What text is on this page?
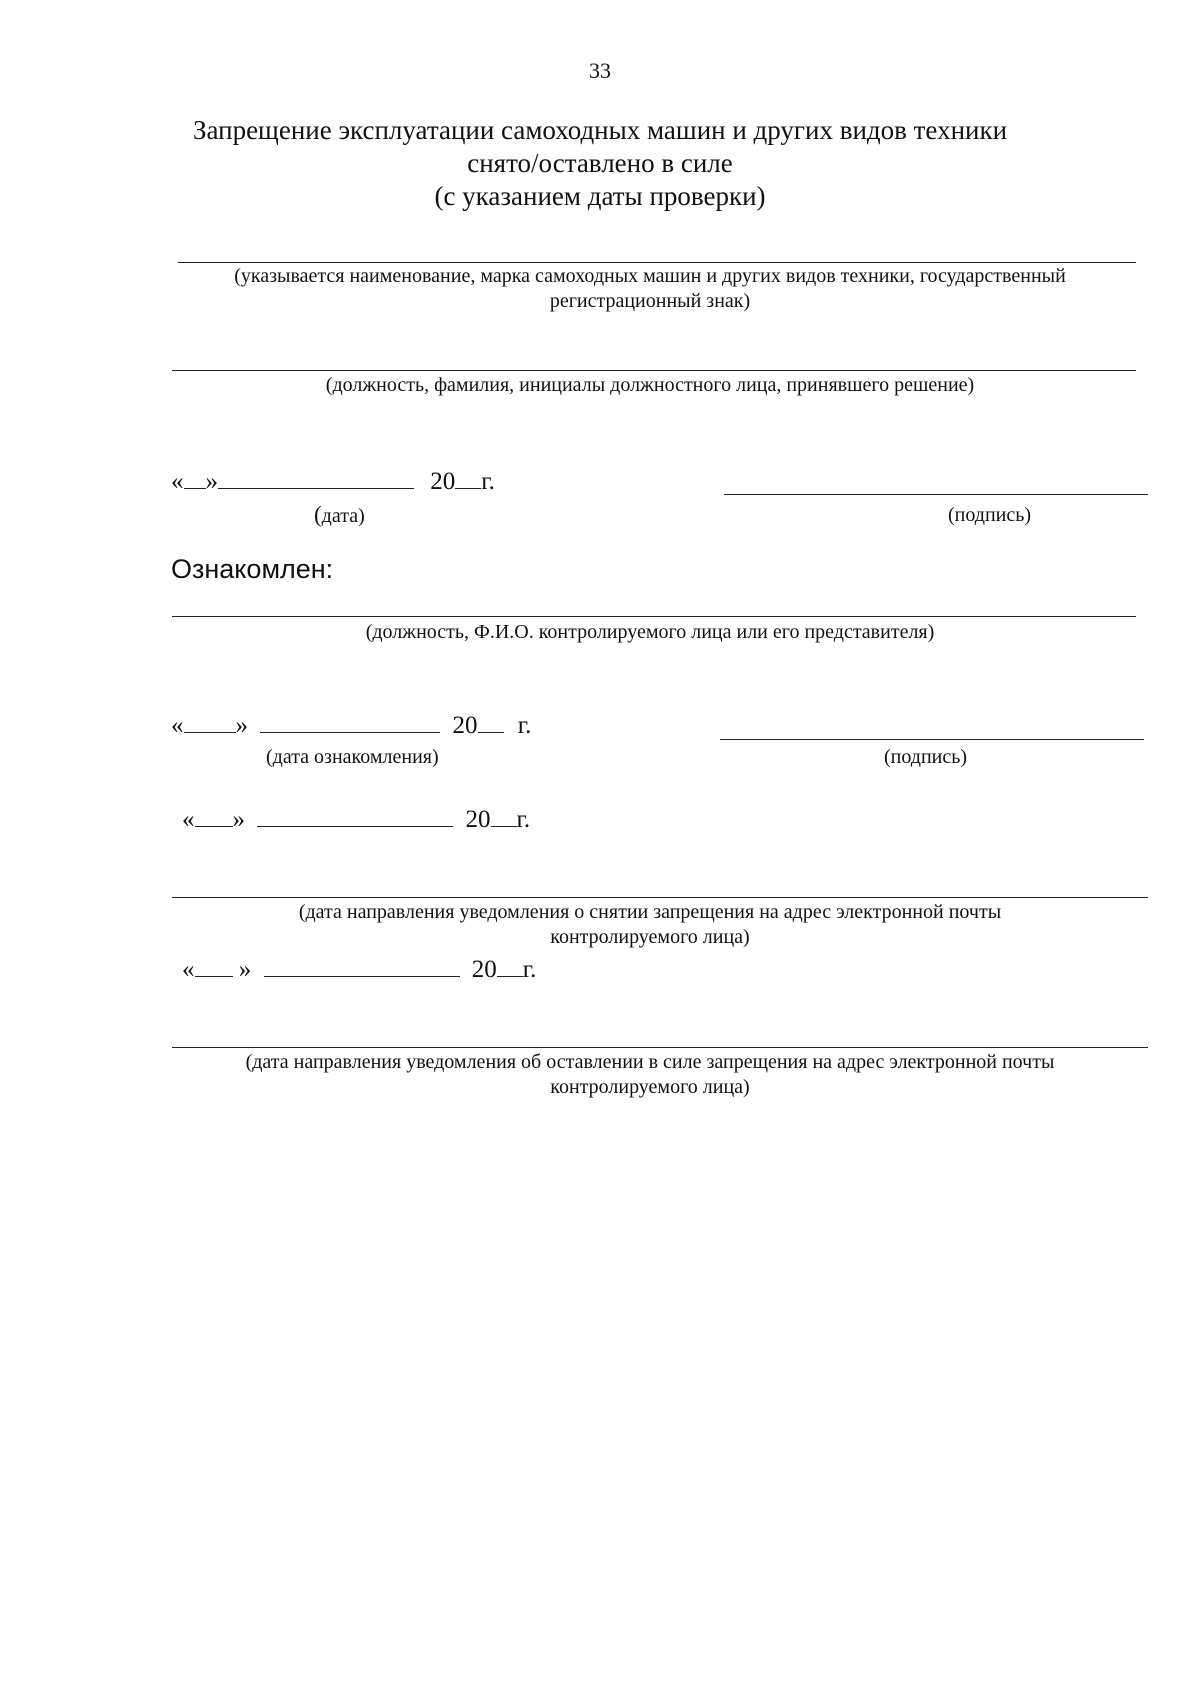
33
Запрещение эксплуатации самоходных машин и других видов техники
снято/оставлено в силе
(с указанием даты проверки)
(указывается наименование, марка самоходных машин и других видов техники, государственный
регистрационный знак)
(должность, фамилия, инициалы должностного лица, принявшего решение)
« »	20 г.
(дата)	(подпись)
Ознакомлен:
(должность, Ф.И.О. контролируемого лица или его представителя)
« »	20 г.
(дата ознакомления)	(подпись)
« »	20 г.
(дата направления уведомления о снятии запрещения на адрес электронной почты
контролируемого лица)
« »	20 г.
(дата направления уведомления об оставлении в силе запрещения на адрес электронной почты
контролируемого лица)
